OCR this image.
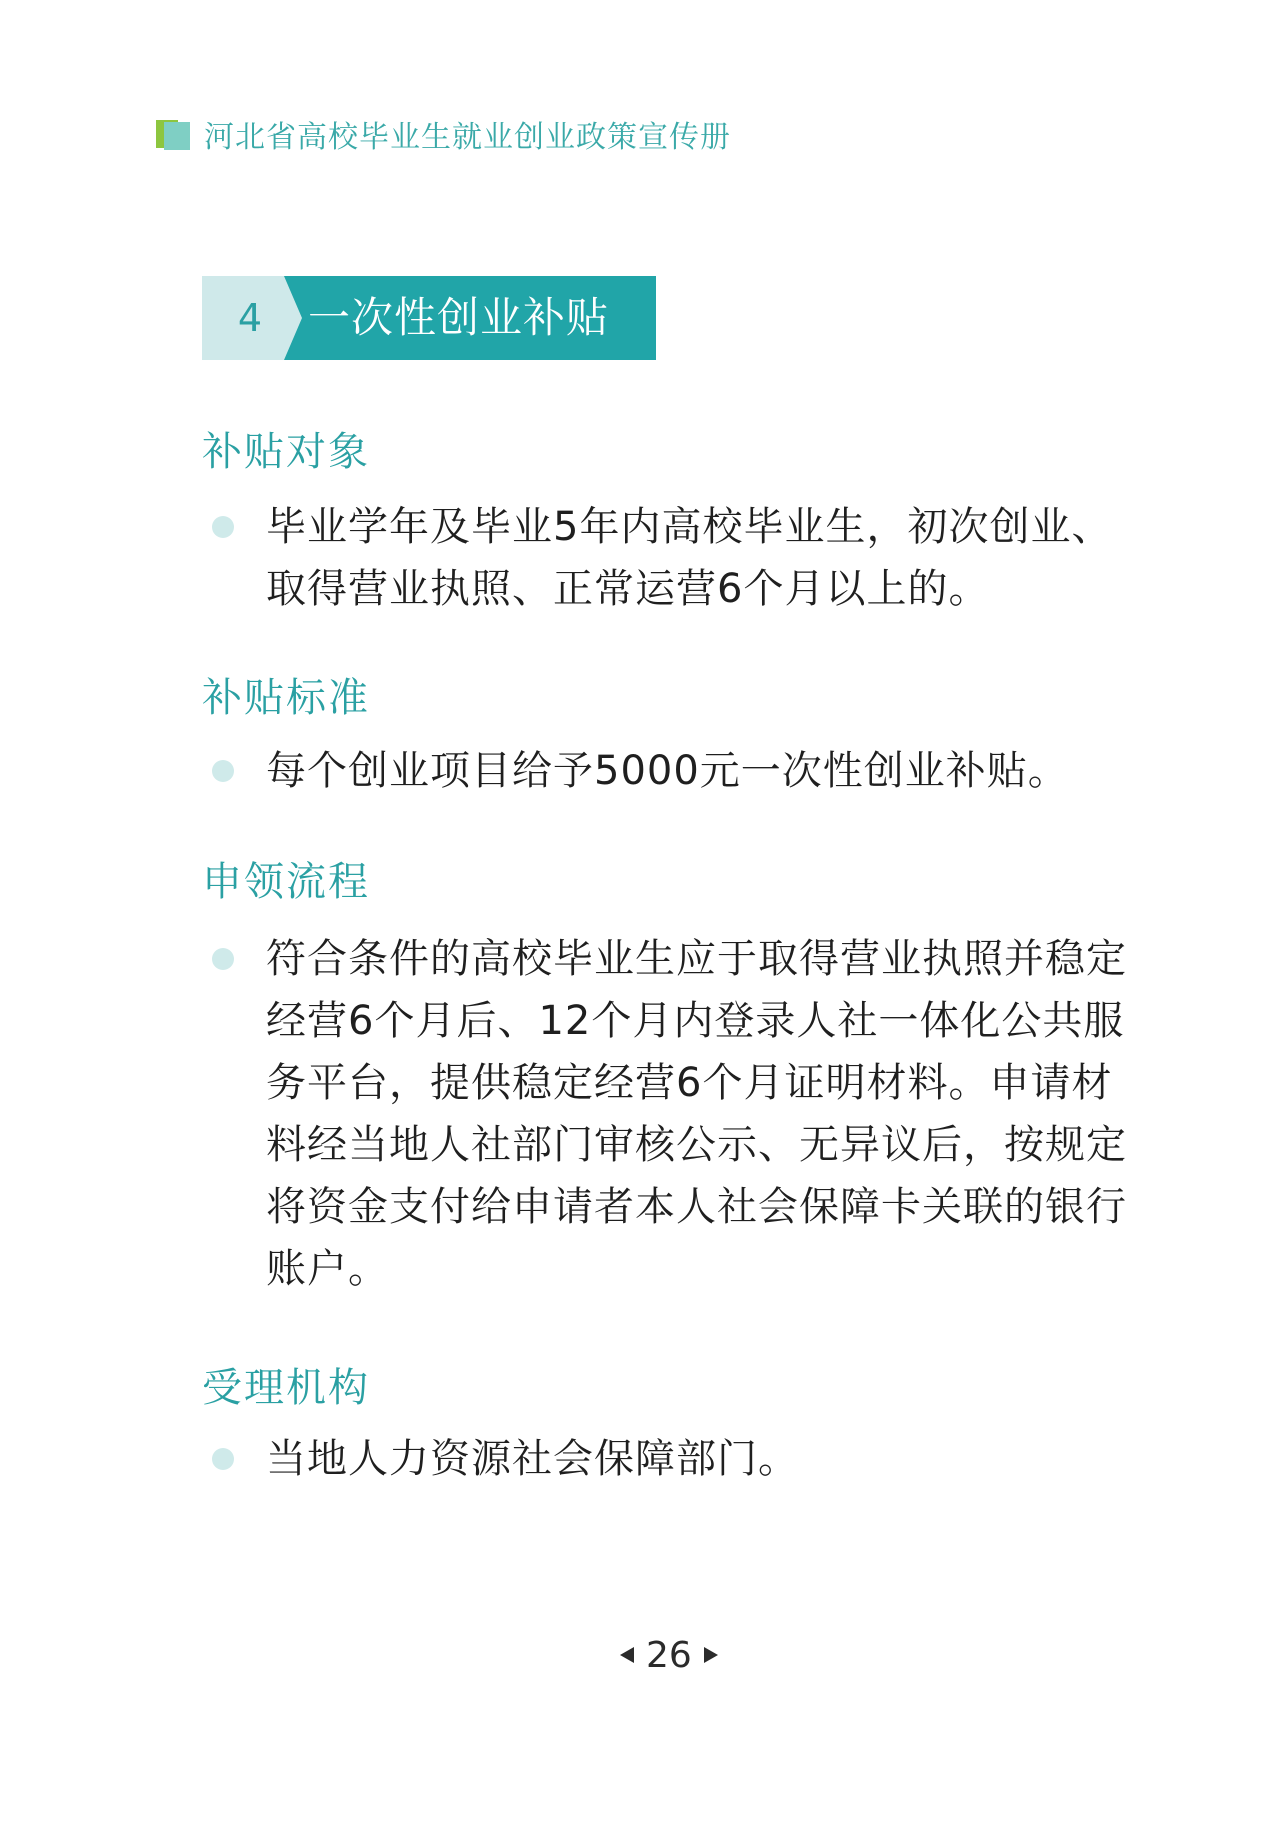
河北省高校毕业生就业创业政策宣传册
4 一次性创业补贴
补贴对象
毕业学年及毕业5年内高校毕业生，初次创业、取得营业执照、正常运营6个月以上的。
补贴标准
每个创业项目给予5000元一次性创业补贴。
申领流程
符合条件的高校毕业生应于取得营业执照并稳定经营6个月后、12个月内登录人社一体化公共服务平台，提供稳定经营6个月证明材料。申请材料经当地人社部门审核公示、无异议后，按规定将资金支付给申请者本人社会保障卡关联的银行账户。
受理机构
当地人力资源社会保障部门。
26
